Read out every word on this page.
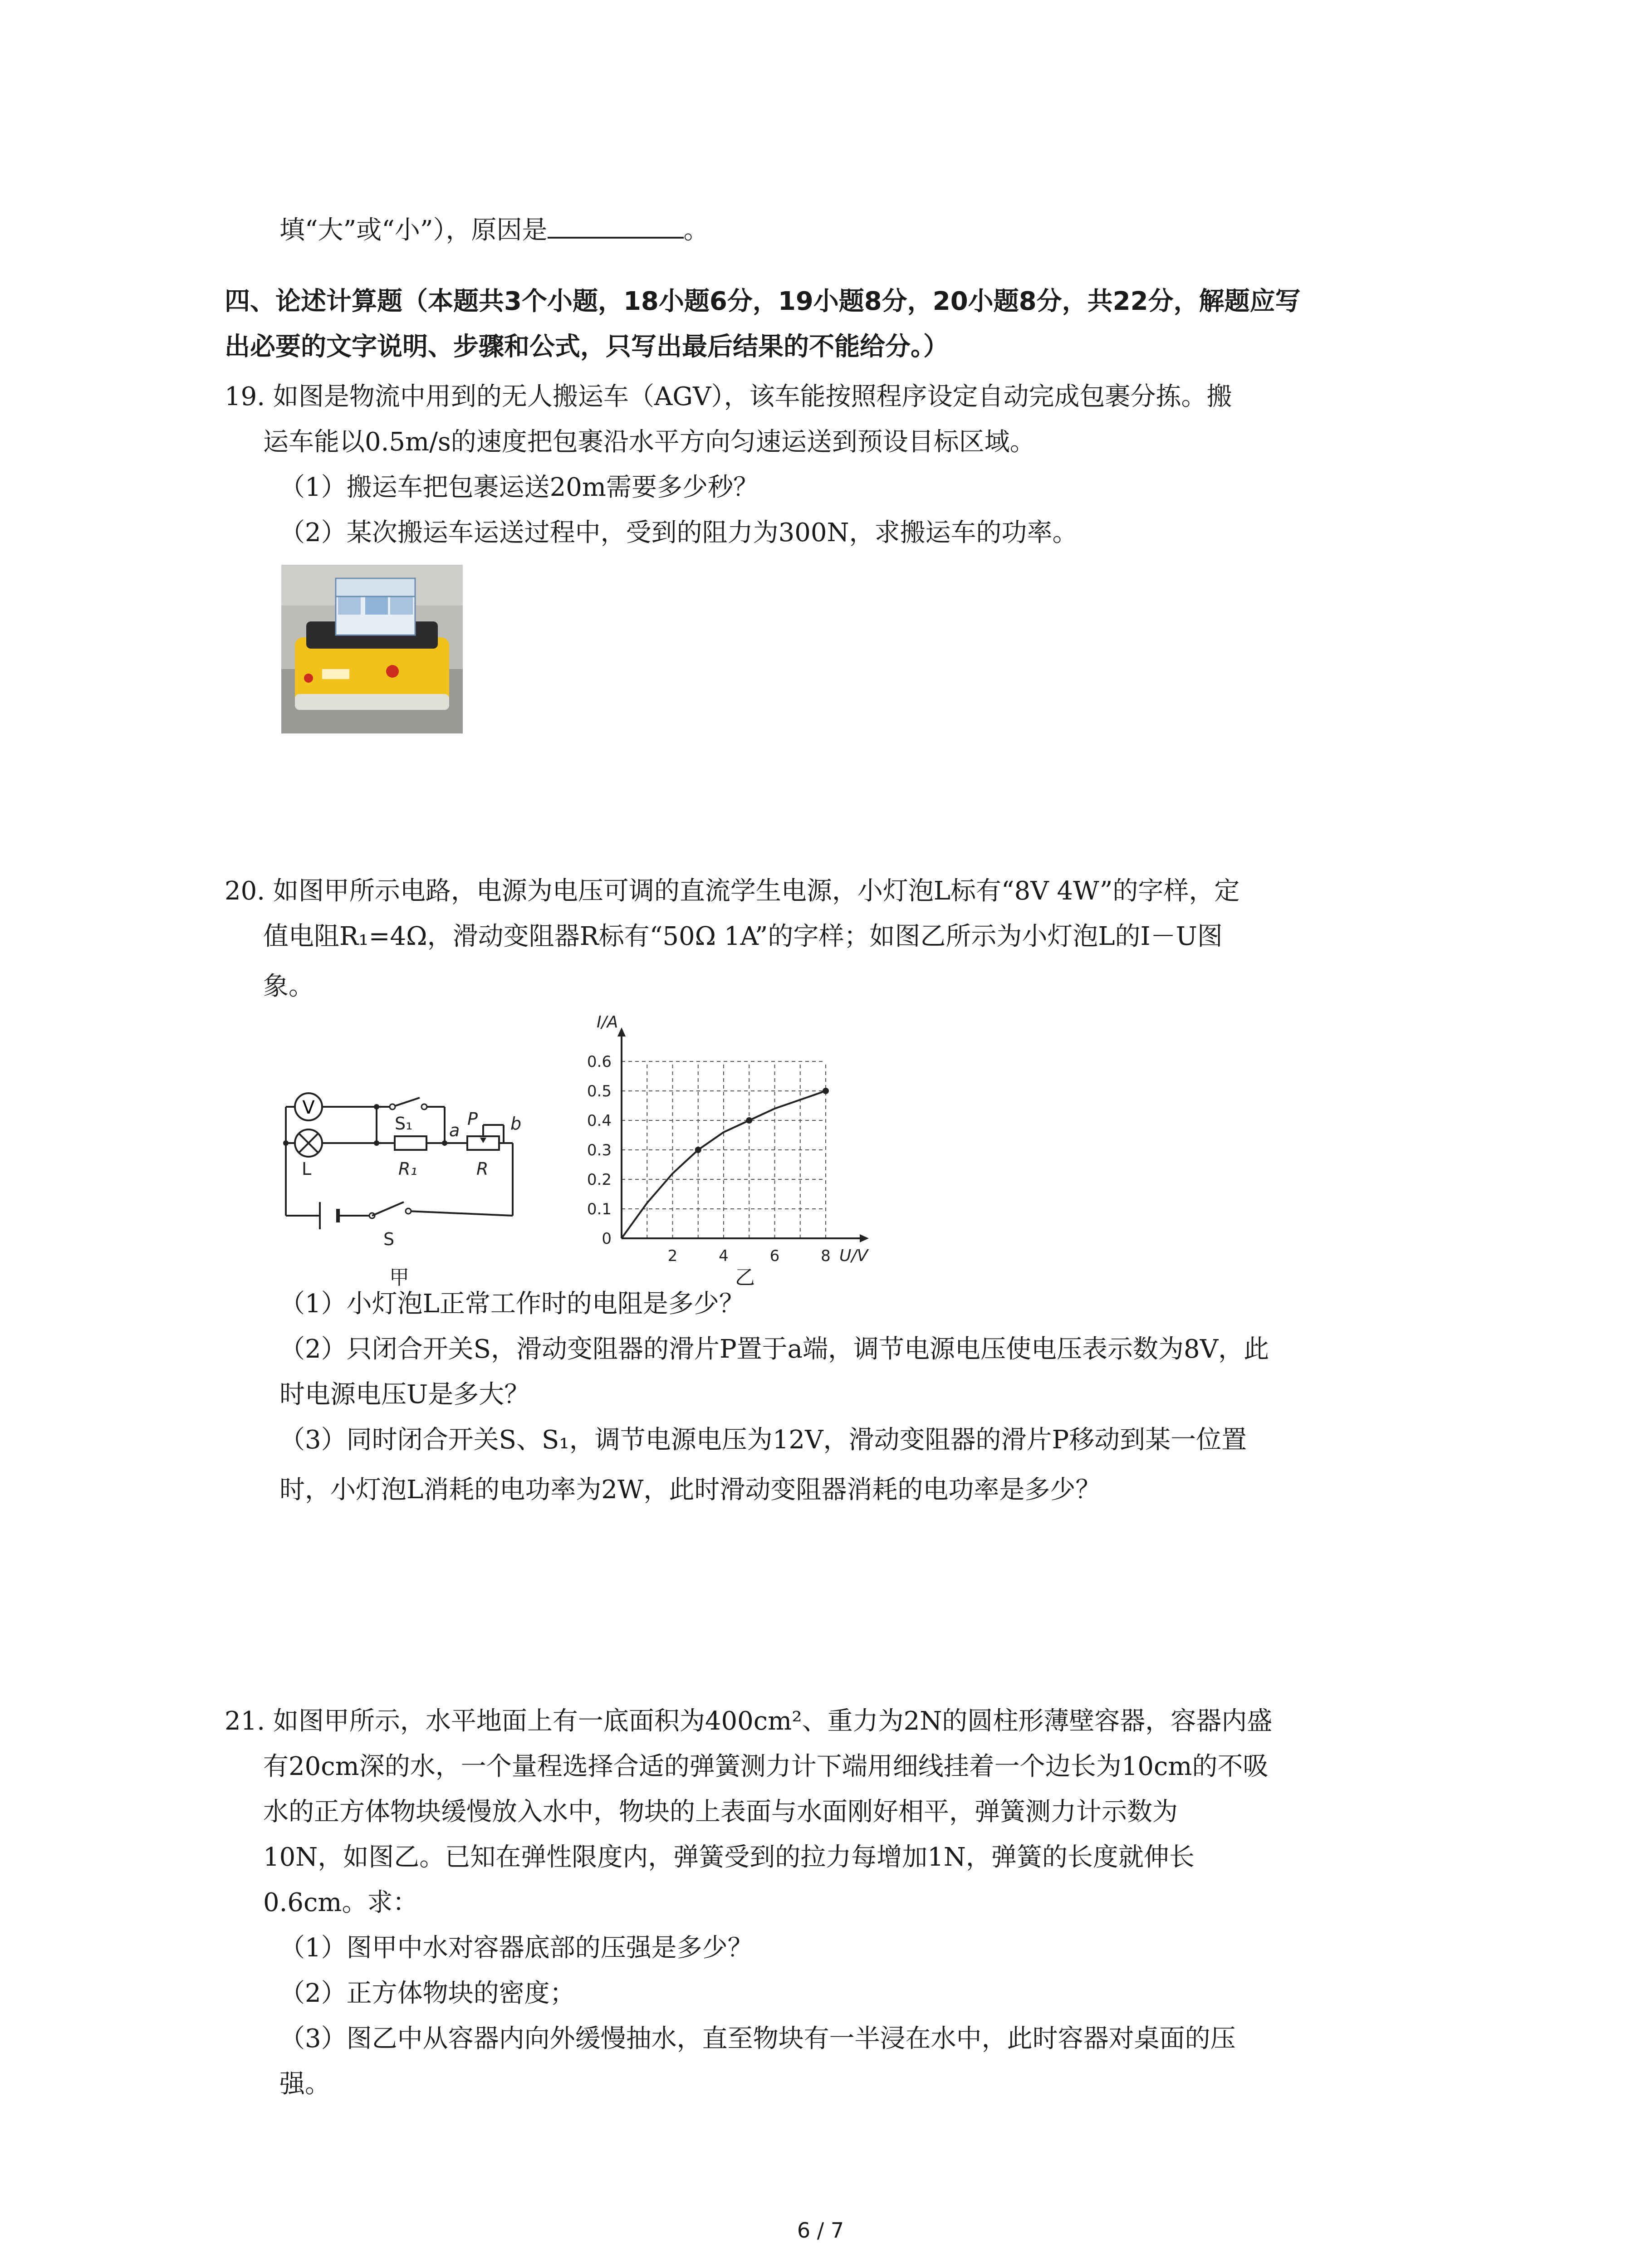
填“大”或“小”），原因是	。
四、论述计算题（本题共3个小题，18小题6分，19小题8分，20小题8分，共22分，解题应写
出必要的文字说明、步骤和公式，只写出最后结果的不能给分。）
19. 如图是物流中用到的无人搬运车（AGV），该车能按照程序设定自动完成包裹分拣。搬
运车能以0.5m/s的速度把包裹沿水平方向匀速运送到预设目标区域。
（1）搬运车把包裹运送20m需要多少秒？
（2）某次搬运车运送过程中，受到的阻力为300N，求搬运车的功率。
20. 如图甲所示电路，电源为电压可调的直流学生电源，小灯泡L标有“8V 4W”的字样，定
值电阻R₁=4Ω，滑动变阻器R标有“50Ω 1A”的字样；如图乙所示为小灯泡L的I－U图
象。
V
S₁ a
P b
L	R₁	R
S
甲
2	4	6	8
0
0.1
0.2
0.3
0.4
0.5
0.6
I/A
U/V
乙
（1）小灯泡L正常工作时的电阻是多少？
（2）只闭合开关S，滑动变阻器的滑片P置于a端，调节电源电压使电压表示数为8V，此
时电源电压U是多大？
（3）同时闭合开关S、S₁，调节电源电压为12V，滑动变阻器的滑片P移动到某一位置
时，小灯泡L消耗的电功率为2W，此时滑动变阻器消耗的电功率是多少？
21. 如图甲所示，水平地面上有一底面积为400cm²、重力为2N的圆柱形薄壁容器，容器内盛
有20cm深的水，一个量程选择合适的弹簧测力计下端用细线挂着一个边长为10cm的不吸
水的正方体物块缓慢放入水中，物块的上表面与水面刚好相平，弹簧测力计示数为
10N，如图乙。已知在弹性限度内，弹簧受到的拉力每增加1N，弹簧的长度就伸长
0.6cm。求：
（1）图甲中水对容器底部的压强是多少？
（2）正方体物块的密度；
（3）图乙中从容器内向外缓慢抽水，直至物块有一半浸在水中，此时容器对桌面的压
强。
6 / 7
